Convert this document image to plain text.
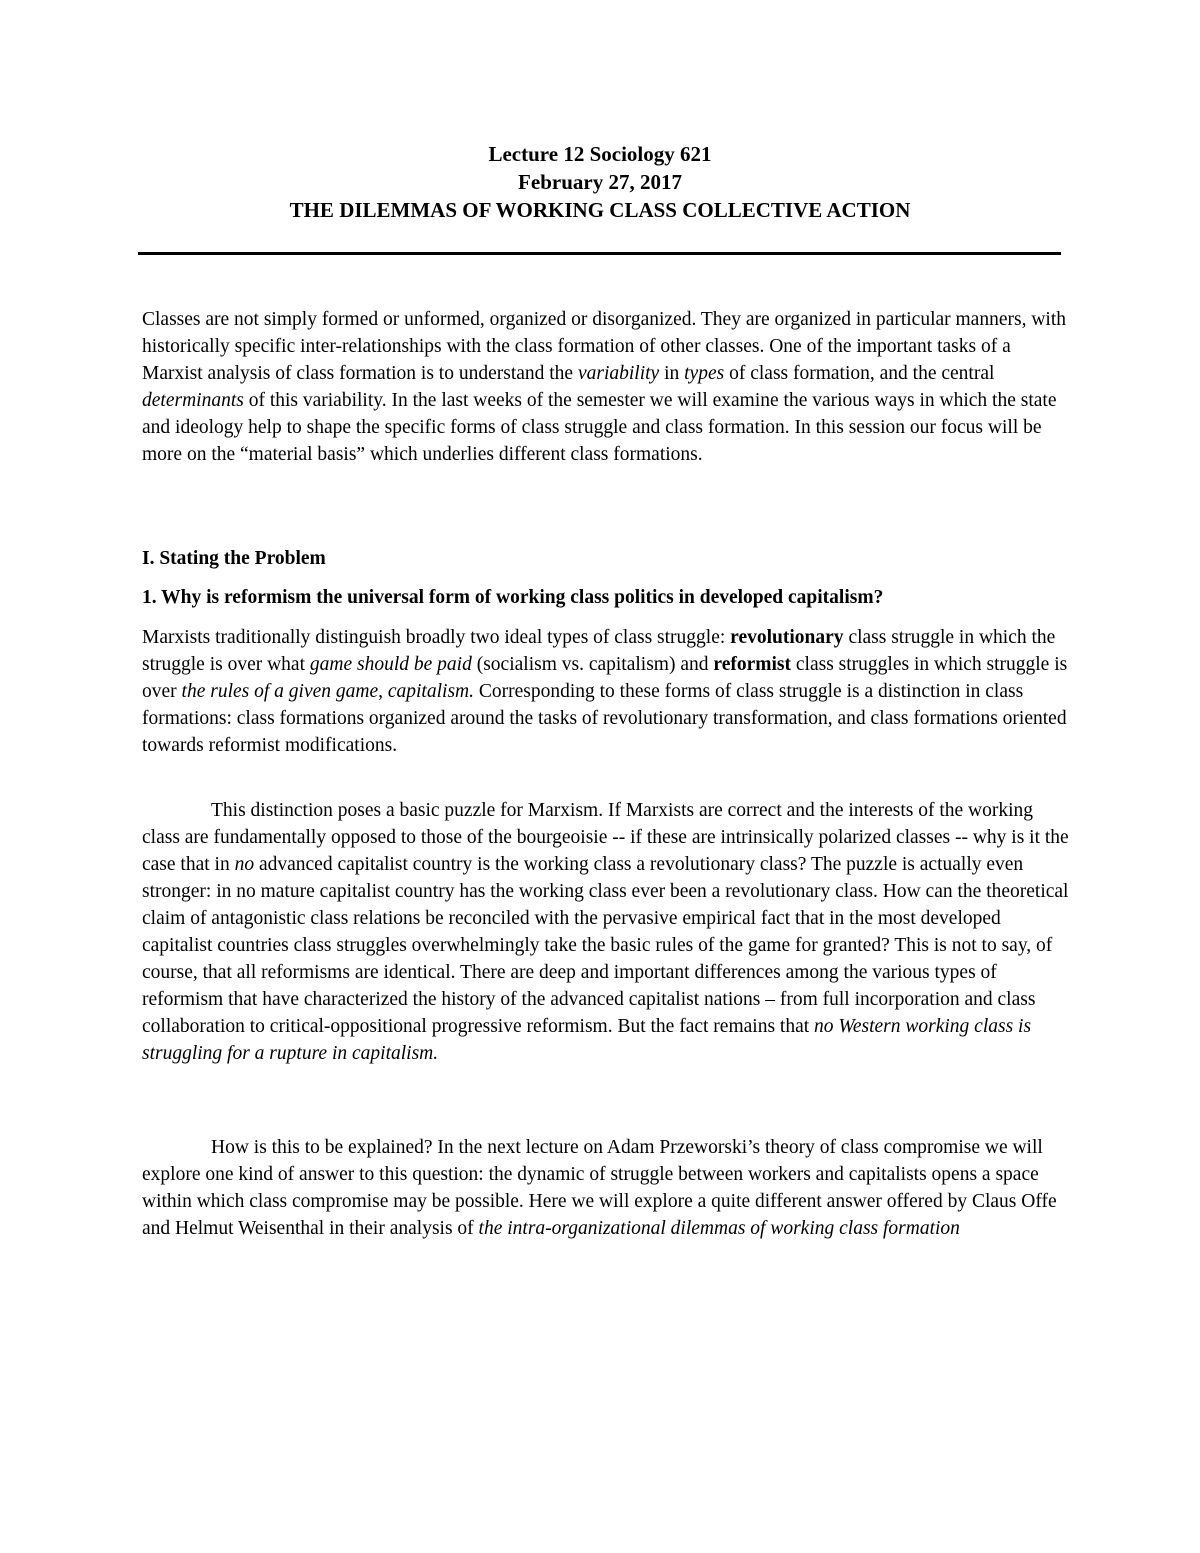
Lecture 12 Sociology 621
February 27, 2017
THE DILEMMAS OF WORKING CLASS COLLECTIVE ACTION

Classes are not simply formed or unformed, organized or disorganized. They are organized in particular manners, with historically specific inter-relationships with the class formation of other classes. One of the important tasks of a Marxist analysis of class formation is to understand the variability in types of class formation, and the central determinants of this variability. In the last weeks of the semester we will examine the various ways in which the state and ideology help to shape the specific forms of class struggle and class formation. In this session our focus will be more on the “material basis” which underlies different class formations.

I. Stating the Problem

1. Why is reformism the universal form of working class politics in developed capitalism?

Marxists traditionally distinguish broadly two ideal types of class struggle: revolutionary class struggle in which the struggle is over what game should be paid (socialism vs. capitalism) and reformist class struggles in which struggle is over the rules of a given game, capitalism. Corresponding to these forms of class struggle is a distinction in class formations: class formations organized around the tasks of revolutionary transformation, and class formations oriented towards reformist modifications.

This distinction poses a basic puzzle for Marxism. If Marxists are correct and the interests of the working class are fundamentally opposed to those of the bourgeoisie -- if these are intrinsically polarized classes -- why is it the case that in no advanced capitalist country is the working class a revolutionary class? The puzzle is actually even stronger: in no mature capitalist country has the working class ever been a revolutionary class. How can the theoretical claim of antagonistic class relations be reconciled with the pervasive empirical fact that in the most developed capitalist countries class struggles overwhelmingly take the basic rules of the game for granted? This is not to say, of course, that all reformisms are identical. There are deep and important differences among the various types of reformism that have characterized the history of the advanced capitalist nations – from full incorporation and class collaboration to critical-oppositional progressive reformism. But the fact remains that no Western working class is struggling for a rupture in capitalism.

How is this to be explained? In the next lecture on Adam Przeworski’s theory of class compromise we will explore one kind of answer to this question: the dynamic of struggle between workers and capitalists opens a space within which class compromise may be possible. Here we will explore a quite different answer offered by Claus Offe and Helmut Weisenthal in their analysis of the intra-organizational dilemmas of working class formation
